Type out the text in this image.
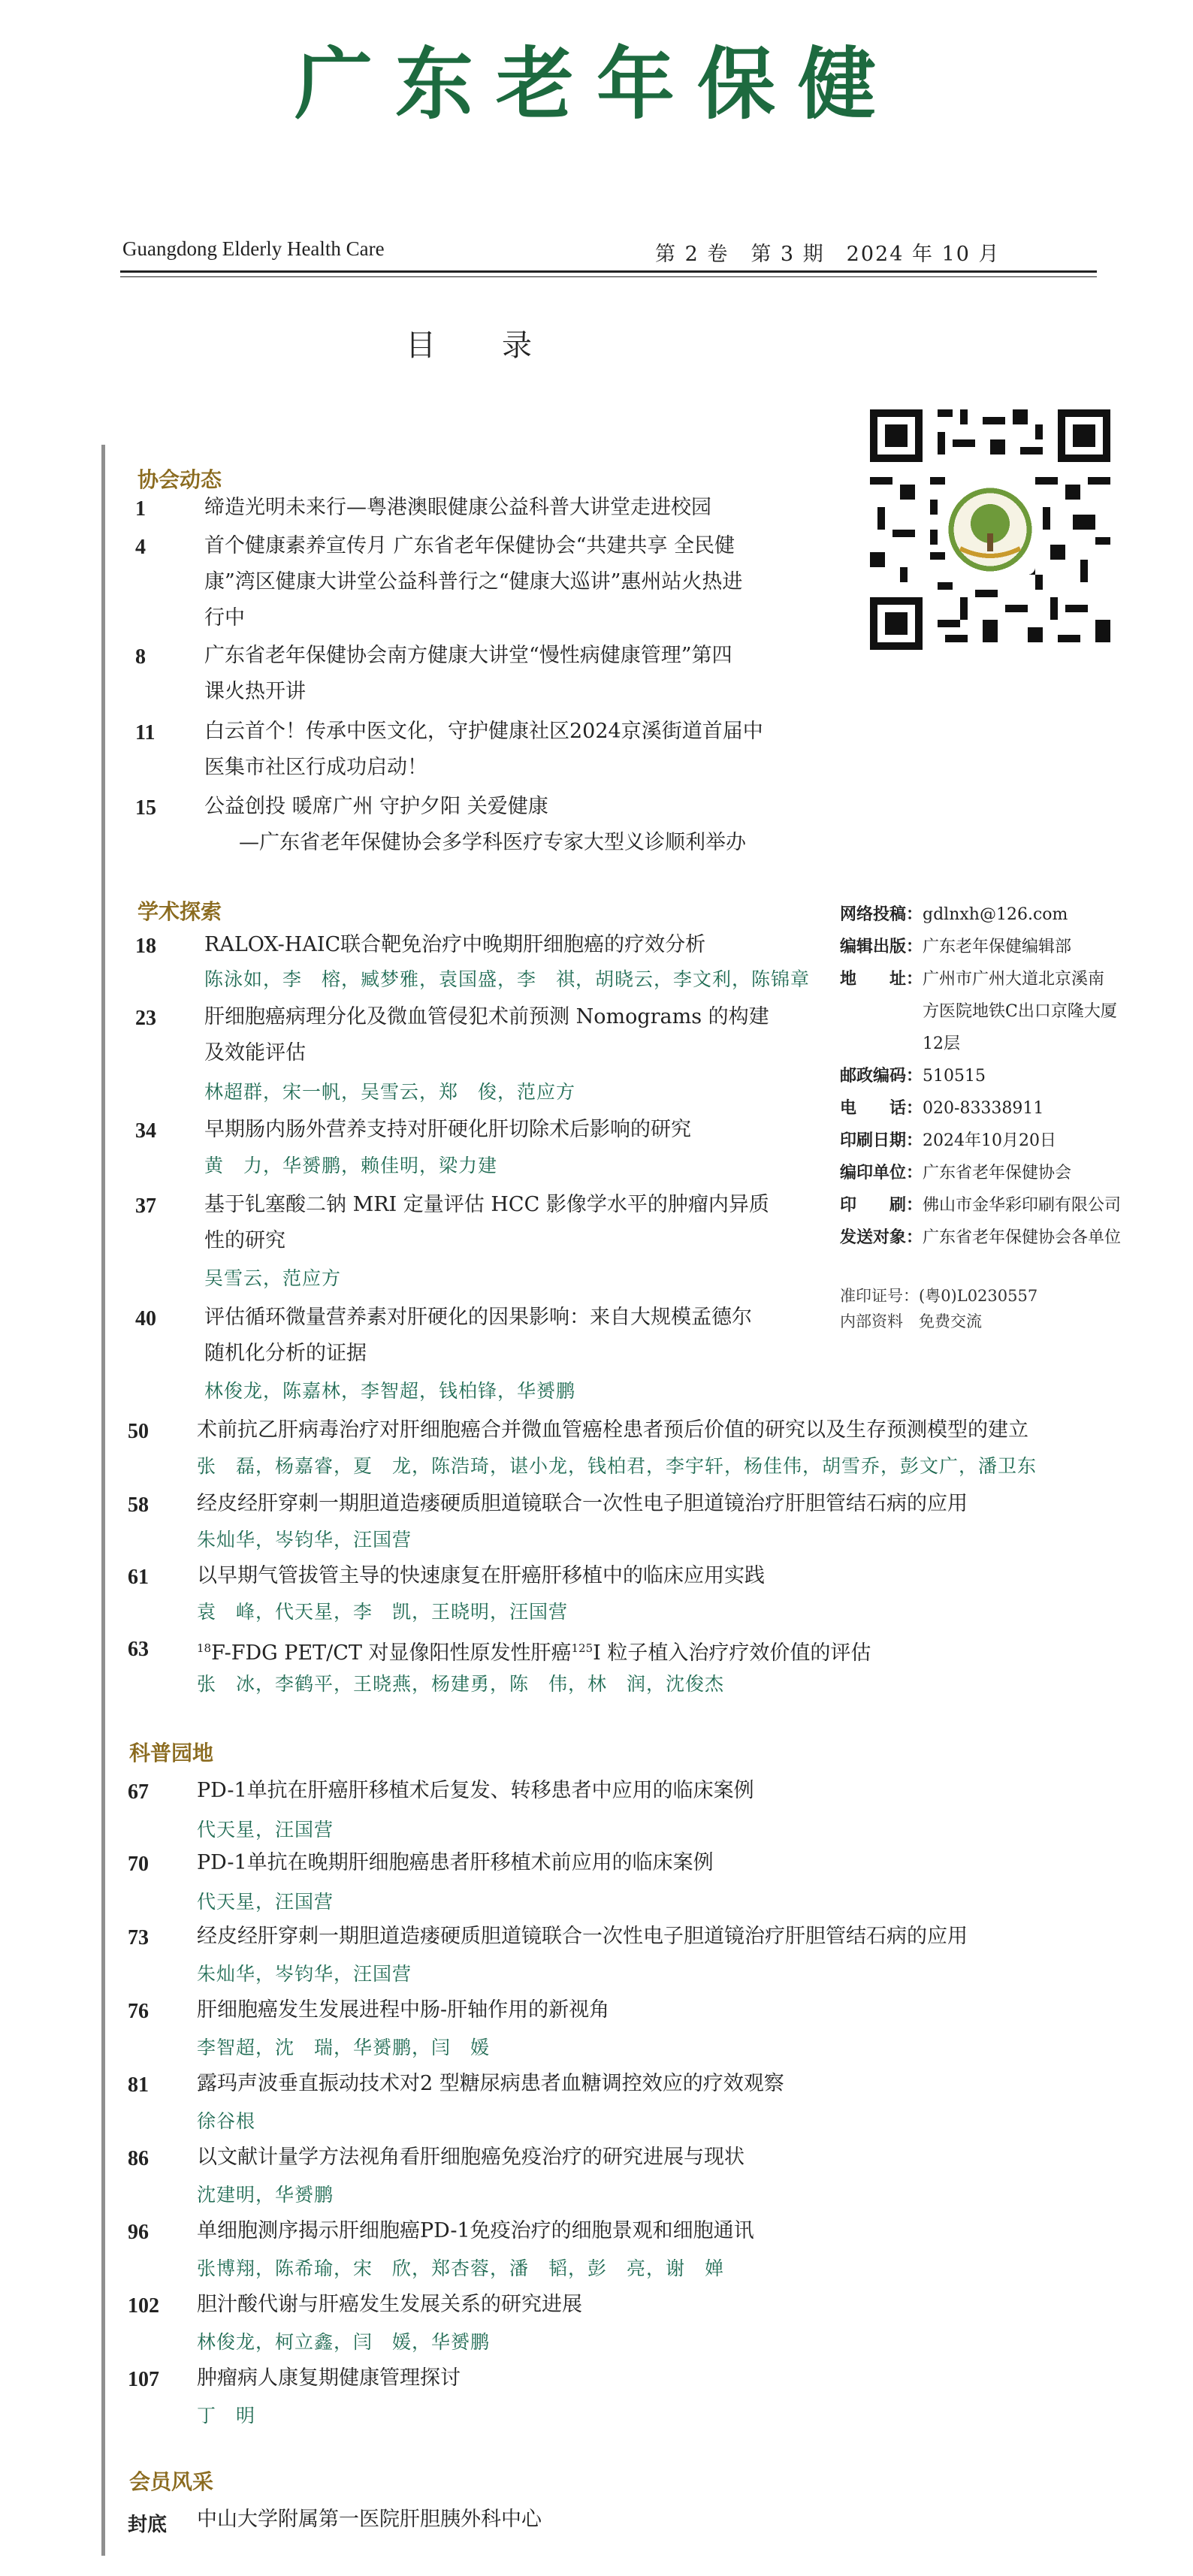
广东老年保健
Guangdong Elderly Health Care	第 2 卷　第 3 期　2024 年 10 月
目　录
协会动态
1	缔造光明未来行—粤港澳眼健康公益科普大讲堂走进校园
4	首个健康素养宣传月 广东省老年保健协会“共建共享 全民健
康”湾区健康大讲堂公益科普行之“健康大巡讲”惠州站火热进
行中
8	广东省老年保健协会南方健康大讲堂“慢性病健康管理”第四
课火热开讲
11 白云首个！传承中医文化，守护健康社区2024京溪街道首届中
医集市社区行成功启动！
15 公益创投 暖席广州 守护夕阳 关爱健康
—广东省老年保健协会多学科医疗专家大型义诊顺利举办
学术探索
18 RALOX-HAIC联合靶免治疗中晚期肝细胞癌的疗效分析
陈泳如，李　榕，臧梦雅，袁国盛，李　祺，胡晓云，李文利，陈锦章
23 肝细胞癌病理分化及微血管侵犯术前预测 Nomograms 的构建
及效能评估
林超群，宋一帆，吴雪云，郑　俊，范应方
34 早期肠内肠外营养支持对肝硬化肝切除术后影响的研究
黄　力，华赟鹏，赖佳明，梁力建
37 基于钆塞酸二钠 MRI 定量评估 HCC 影像学水平的肿瘤内异质
性的研究
吴雪云，范应方
40 评估循环微量营养素对肝硬化的因果影响：来自大规模孟德尔
随机化分析的证据
林俊龙，陈嘉林，李智超，钱柏锋，华赟鹏
50 术前抗乙肝病毒治疗对肝细胞癌合并微血管癌栓患者预后价值的研究以及生存预测模型的建立
张　磊，杨嘉睿，夏　龙，陈浩琦，谌小龙，钱柏君，李宇轩，杨佳伟，胡雪乔，彭文广，潘卫东
58 经皮经肝穿刺一期胆道造瘘硬质胆道镜联合一次性电子胆道镜治疗肝胆管结石病的应用
朱灿华，岑钧华，汪国营
61 以早期气管拔管主导的快速康复在肝癌肝移植中的临床应用实践
袁　峰，代天星，李　凯，王晓明，汪国营
63	$^{18}$F-FDG PET/CT 对显像阳性原发性肝癌$^{125}$I 粒子植入治疗疗效价值的评估
张　冰，李鹤平，王晓燕，杨建勇，陈　伟，林　润，沈俊杰
科普园地
67 PD-1单抗在肝癌肝移植术后复发、转移患者中应用的临床案例
代天星，汪国营
70 PD-1单抗在晚期肝细胞癌患者肝移植术前应用的临床案例
代天星，汪国营
73 经皮经肝穿刺一期胆道造瘘硬质胆道镜联合一次性电子胆道镜治疗肝胆管结石病的应用
朱灿华，岑钧华，汪国营
76 肝细胞癌发生发展进程中肠-肝轴作用的新视角
李智超，沈　瑞，华赟鹏，闫　媛
81 露玛声波垂直振动技术对2 型糖尿病患者血糖调控效应的疗效观察
徐谷根
86 以文献计量学方法视角看肝细胞癌免疫治疗的研究进展与现状
沈建明，华赟鹏
96 单细胞测序揭示肝细胞癌PD-1免疫治疗的细胞景观和细胞通讯
张博翔，陈希瑜，宋　欣，郑杏蓉，潘　韬，彭　亮，谢　婵
102 胆汁酸代谢与肝癌发生发展关系的研究进展
林俊龙，柯立鑫，闫　媛，华赟鹏
107 肿瘤病人康复期健康管理探讨
丁　明
会员风采
封底 中山大学附属第一医院肝胆胰外科中心
网络投稿：gdlnxh@126.com
编辑出版：广东老年保健编辑部
地　　址：广州市广州大道北京溪南
方医院地铁C出口京隆大厦
12层
邮政编码：510515
电　　话：020-83338911
印刷日期：2024年10月20日
编印单位：广东省老年保健协会
印　　刷：佛山市金华彩印刷有限公司
发送对象：广东省老年保健协会各单位
准印证号：(粤0)L0230557
内部资料　免费交流
